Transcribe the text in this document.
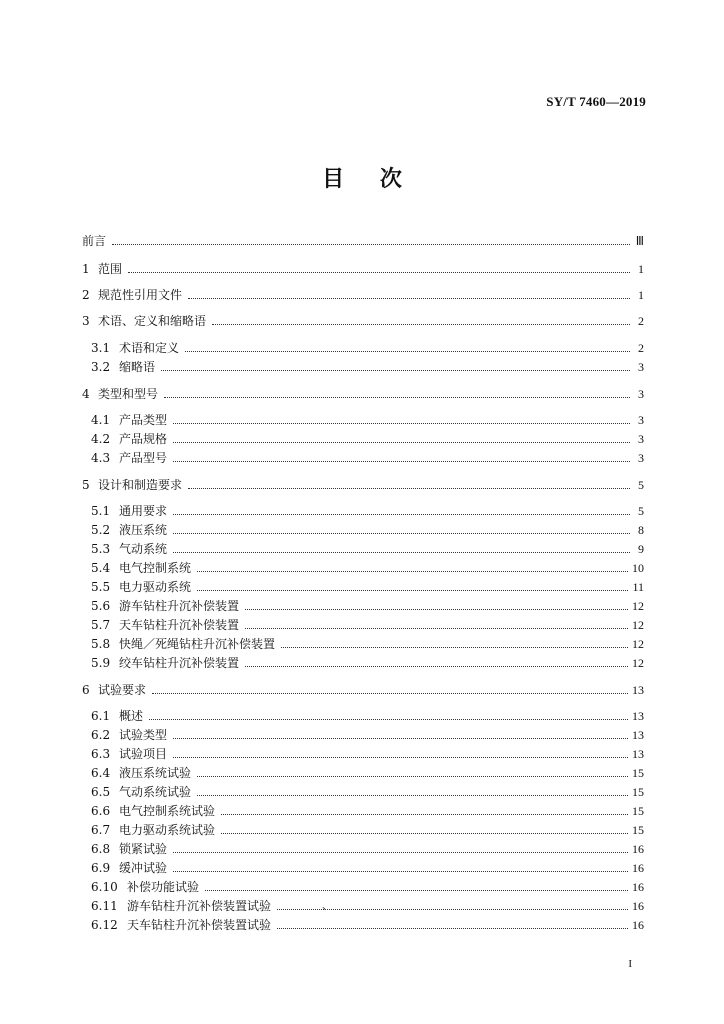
SY/T 7460—2019
目 次
前言	Ⅲ
1 范围	1
2 规范性引用文件	1
3 术语、定义和缩略语	2
3.1 术语和定义	2
3.2 缩略语	3
4 类型和型号	3
4.1 产品类型	3
4.2 产品规格	3
4.3 产品型号	3
5 设计和制造要求	5
5.1 通用要求	5
5.2 液压系统	8
5.3 气动系统	9
5.4 电气控制系统	10
5.5 电力驱动系统	11
5.6 游车钻柱升沉补偿装置	12
5.7 天车钻柱升沉补偿装置	12
5.8 快绳／死绳钻柱升沉补偿装置	12
5.9 绞车钻柱升沉补偿装置	12
6 试验要求	13
6.1 概述	13
6.2 试验类型	13
6.3 试验项目	13
6.4 液压系统试验	15
6.5 气动系统试验	15
6.6 电气控制系统试验	15
6.7 电力驱动系统试验	15
6.8 锁紧试验	16
6.9 缓冲试验	16
6.10 补偿功能试验	16
6.11 游车钻柱升沉补偿装置试验	16
6.12 天车钻柱升沉补偿装置试验	16
、
I
